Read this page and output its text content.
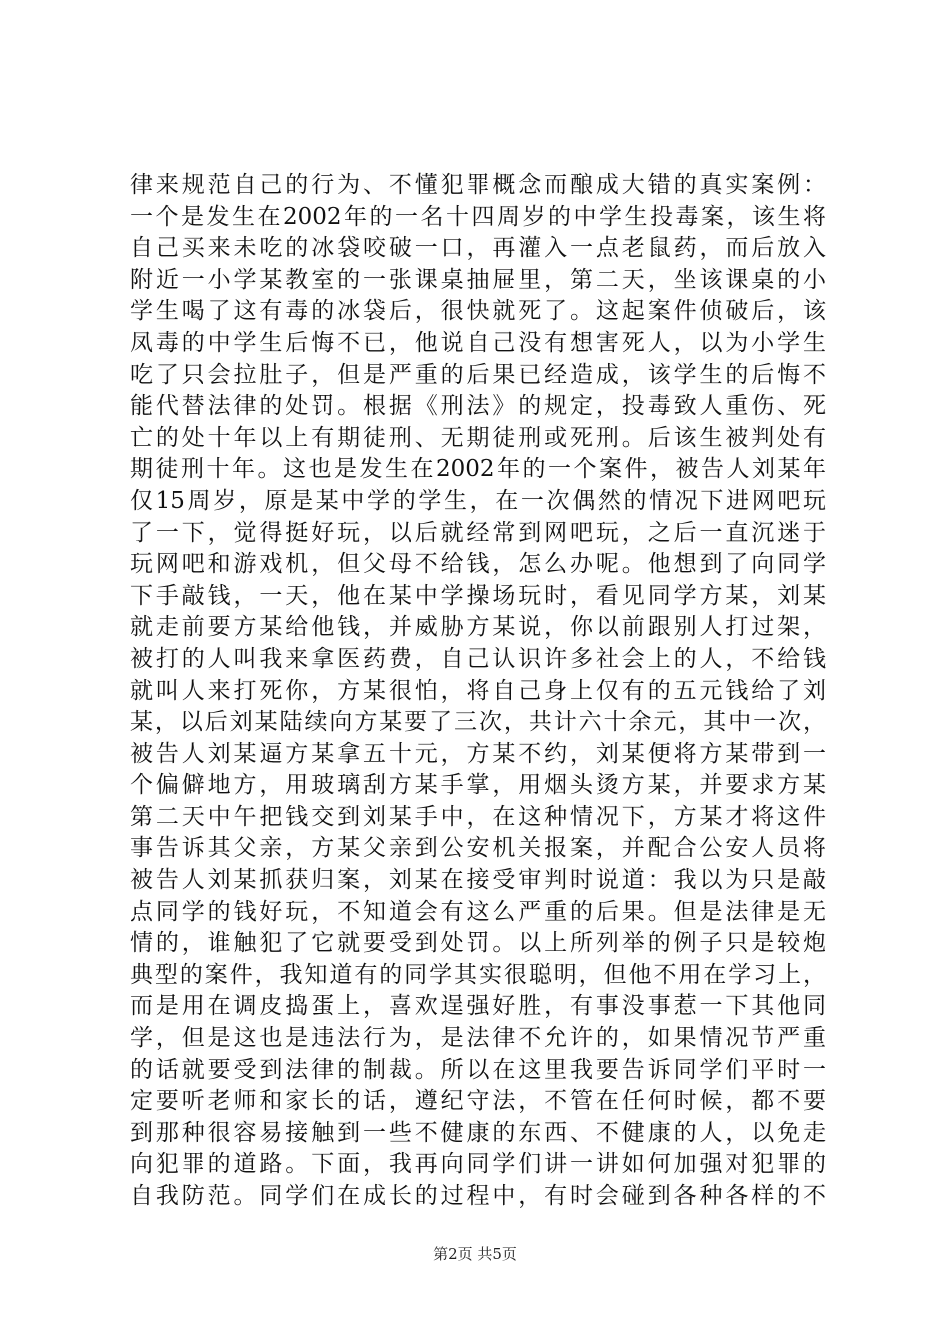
律来规范自己的行为、不懂犯罪概念而酿成大错的真实案例：
一个是发生在2002年的一名十四周岁的中学生投毒案，该生将
自己买来未吃的冰袋咬破一口，再灌入一点老鼠药，而后放入
附近一小学某教室的一张课桌抽屉里，第二天，坐该课桌的小
学生喝了这有毒的冰袋后，很快就死了。这起案件侦破后，该
凤毒的中学生后悔不已，他说自己没有想害死人，以为小学生
吃了只会拉肚子，但是严重的后果已经造成，该学生的后悔不
能代替法律的处罚。根据《刑法》的规定，投毒致人重伤、死
亡的处十年以上有期徒刑、无期徒刑或死刑。后该生被判处有
期徒刑十年。这也是发生在2002年的一个案件，被告人刘某年
仅15周岁，原是某中学的学生，在一次偶然的情况下进网吧玩
了一下，觉得挺好玩，以后就经常到网吧玩，之后一直沉迷于
玩网吧和游戏机，但父母不给钱，怎么办呢。他想到了向同学
下手敲钱，一天，他在某中学操场玩时，看见同学方某，刘某
就走前要方某给他钱，并威胁方某说，你以前跟别人打过架，
被打的人叫我来拿医药费，自己认识许多社会上的人，不给钱
就叫人来打死你，方某很怕，将自己身上仅有的五元钱给了刘
某，以后刘某陆续向方某要了三次，共计六十余元，其中一次，
被告人刘某逼方某拿五十元，方某不约，刘某便将方某带到一
个偏僻地方，用玻璃刮方某手掌，用烟头烫方某，并要求方某
第二天中午把钱交到刘某手中，在这种情况下，方某才将这件
事告诉其父亲，方某父亲到公安机关报案，并配合公安人员将
被告人刘某抓获归案，刘某在接受审判时说道：我以为只是敲
点同学的钱好玩，不知道会有这么严重的后果。但是法律是无
情的，谁触犯了它就要受到处罚。以上所列举的例子只是较炮
典型的案件，我知道有的同学其实很聪明，但他不用在学习上，
而是用在调皮捣蛋上，喜欢逞强好胜，有事没事惹一下其他同
学，但是这也是违法行为，是法律不允许的，如果情况节严重
的话就要受到法律的制裁。所以在这里我要告诉同学们平时一
定要听老师和家长的话，遵纪守法，不管在任何时候，都不要
到那种很容易接触到一些不健康的东西、不健康的人，以免走
向犯罪的道路。下面，我再向同学们讲一讲如何加强对犯罪的
自我防范。同学们在成长的过程中，有时会碰到各种各样的不
第2页 共5页
